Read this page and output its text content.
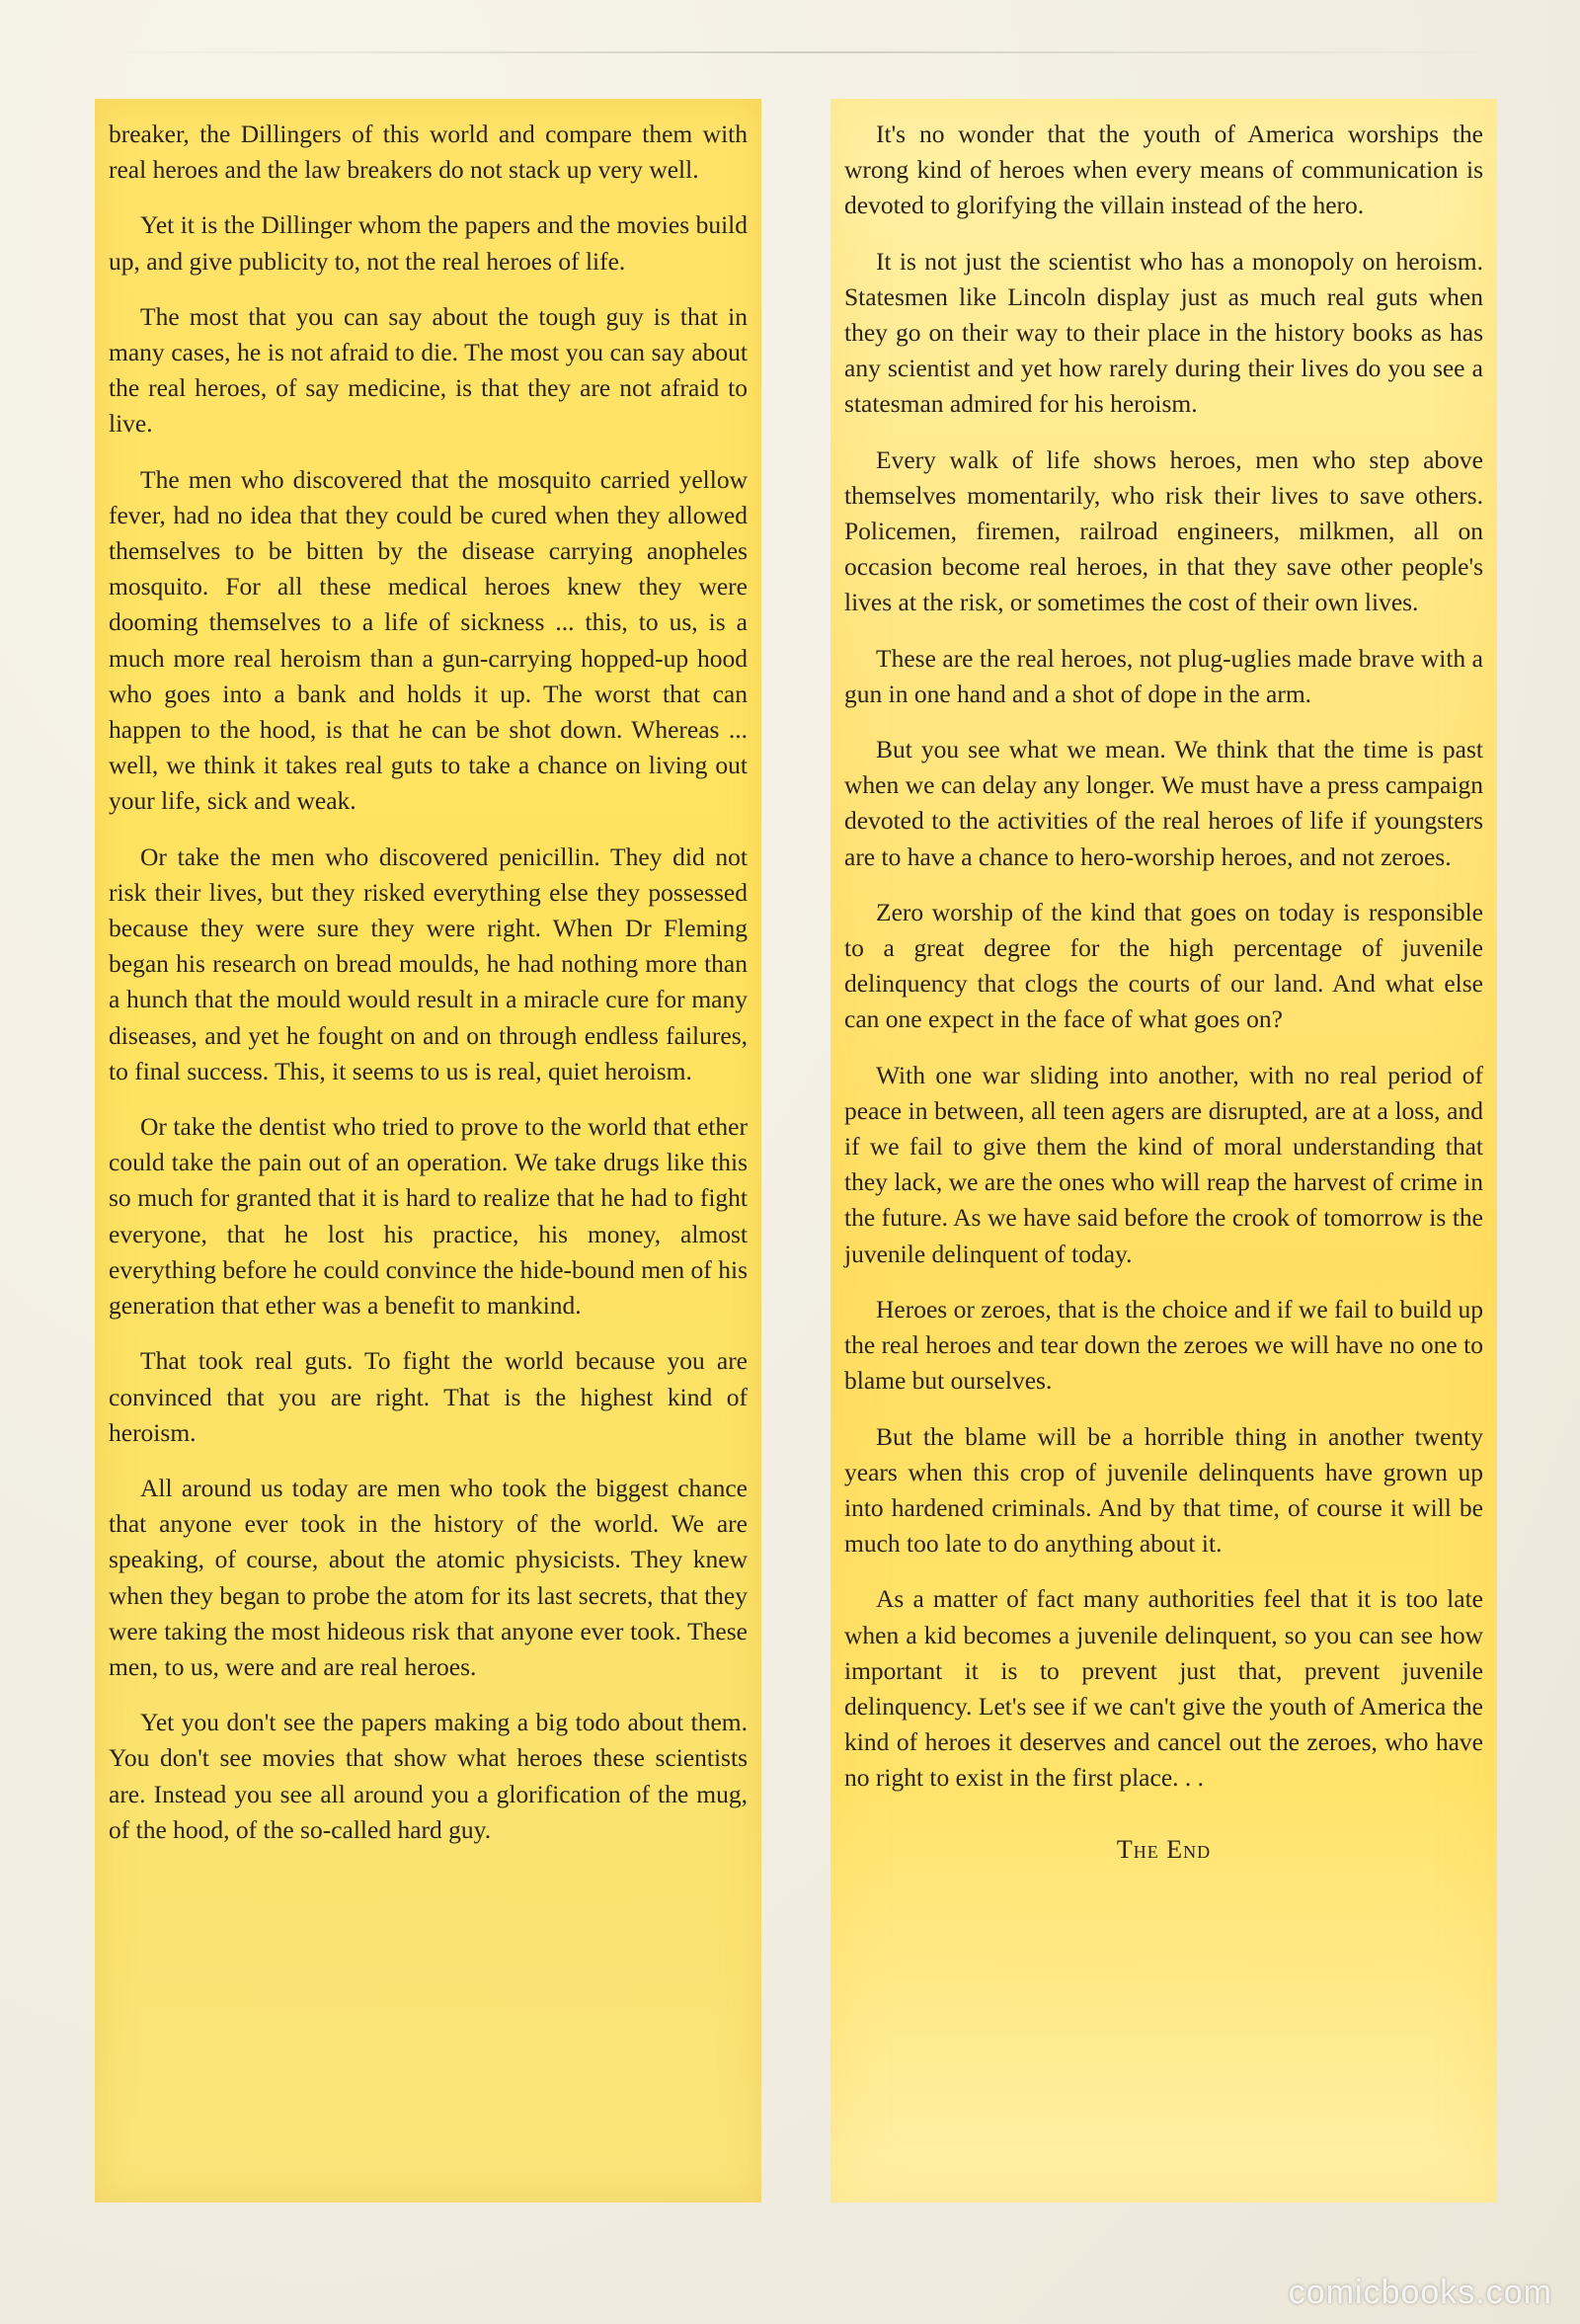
breaker, the Dillingers of this world and compare them with real heroes and the law breakers do not stack up very well.

Yet it is the Dillinger whom the papers and the movies build up, and give publicity to, not the real heroes of life.

The most that you can say about the tough guy is that in many cases, he is not afraid to die. The most you can say about the real heroes, of say medicine, is that they are not afraid to live.

The men who discovered that the mosquito carried yellow fever, had no idea that they could be cured when they allowed themselves to be bitten by the disease carrying anopheles mosquito. For all these medical heroes knew they were dooming themselves to a life of sickness ... this, to us, is a much more real heroism than a gun-carrying hopped-up hood who goes into a bank and holds it up. The worst that can happen to the hood, is that he can be shot down. Whereas ... well, we think it takes real guts to take a chance on living out your life, sick and weak.

Or take the men who discovered penicillin. They did not risk their lives, but they risked everything else they possessed because they were sure they were right. When Dr Fleming began his research on bread moulds, he had nothing more than a hunch that the mould would result in a miracle cure for many diseases, and yet he fought on and on through endless failures, to final success. This, it seems to us is real, quiet heroism.

Or take the dentist who tried to prove to the world that ether could take the pain out of an operation. We take drugs like this so much for granted that it is hard to realize that he had to fight everyone, that he lost his practice, his money, almost everything before he could convince the hide-bound men of his generation that ether was a benefit to mankind.

That took real guts. To fight the world because you are convinced that you are right. That is the highest kind of heroism.

All around us today are men who took the biggest chance that anyone ever took in the history of the world. We are speaking, of course, about the atomic physicists. They knew when they began to probe the atom for its last secrets, that they were taking the most hideous risk that anyone ever took. These men, to us, were and are real heroes.

Yet you don't see the papers making a big todo about them. You don't see movies that show what heroes these scientists are. Instead you see all around you a glorification of the mug, of the hood, of the so-called hard guy.

It's no wonder that the youth of America worships the wrong kind of heroes when every means of communication is devoted to glorifying the villain instead of the hero.

It is not just the scientist who has a monopoly on heroism. Statesmen like Lincoln display just as much real guts when they go on their way to their place in the history books as has any scientist and yet how rarely during their lives do you see a statesman admired for his heroism.

Every walk of life shows heroes, men who step above themselves momentarily, who risk their lives to save others. Policemen, firemen, railroad engineers, milkmen, all on occasion become real heroes, in that they save other people's lives at the risk, or sometimes the cost of their own lives.

These are the real heroes, not plug-uglies made brave with a gun in one hand and a shot of dope in the arm.

But you see what we mean. We think that the time is past when we can delay any longer. We must have a press campaign devoted to the activities of the real heroes of life if youngsters are to have a chance to hero-worship heroes, and not zeroes.

Zero worship of the kind that goes on today is responsible to a great degree for the high percentage of juvenile delinquency that clogs the courts of our land. And what else can one expect in the face of what goes on?

With one war sliding into another, with no real period of peace in between, all teen agers are disrupted, are at a loss, and if we fail to give them the kind of moral understanding that they lack, we are the ones who will reap the harvest of crime in the future. As we have said before the crook of tomorrow is the juvenile delinquent of today.

Heroes or zeroes, that is the choice and if we fail to build up the real heroes and tear down the zeroes we will have no one to blame but ourselves.

But the blame will be a horrible thing in another twenty years when this crop of juvenile delinquents have grown up into hardened criminals. And by that time, of course it will be much too late to do anything about it.

As a matter of fact many authorities feel that it is too late when a kid becomes a juvenile delinquent, so you can see how important it is to prevent just that, prevent juvenile delinquency. Let's see if we can't give the youth of America the kind of heroes it deserves and cancel out the zeroes, who have no right to exist in the first place. . .

The End
comicbooks.com
